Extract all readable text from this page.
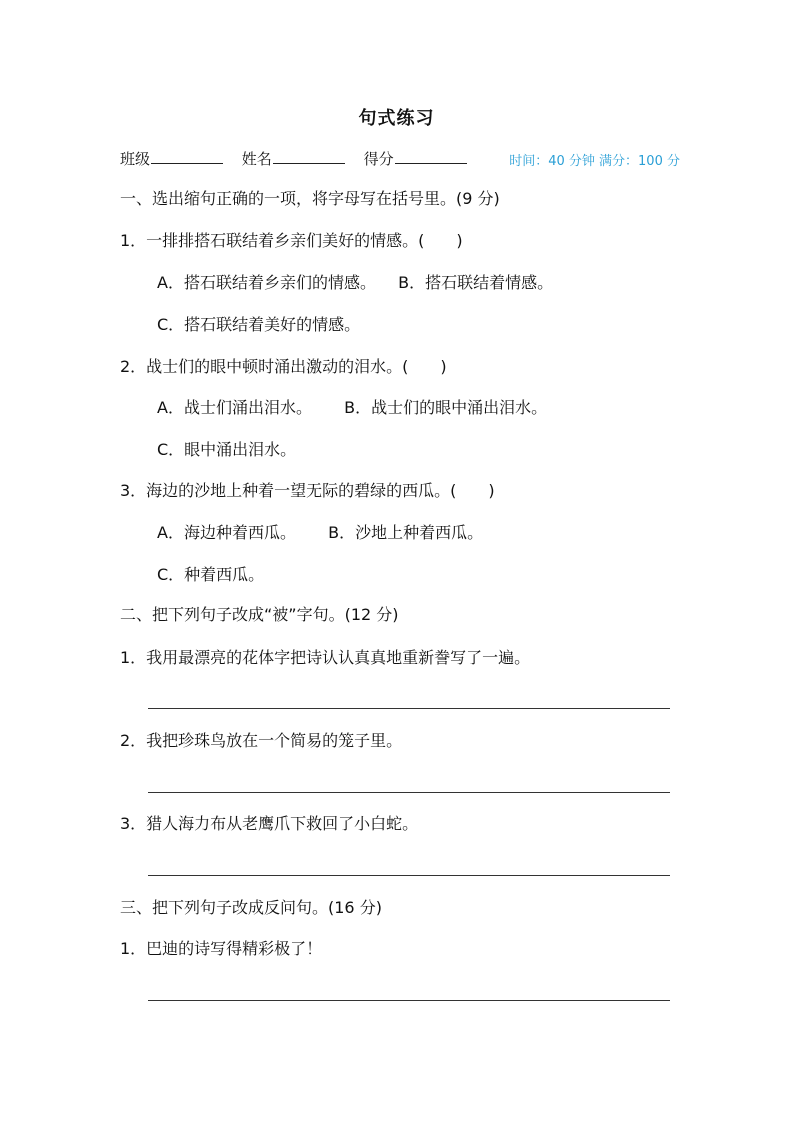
句式练习
班级	姓名	得分	时间：40 分钟 满分：100 分
一、选出缩句正确的一项，将字母写在括号里。(9 分)
1．一排排搭石联结着乡亲们美好的情感。(　　)
A．搭石联结着乡亲们的情感。 B．搭石联结着情感。
C．搭石联结着美好的情感。
2．战士们的眼中顿时涌出激动的泪水。(　　)
A．战士们涌出泪水。 B．战士们的眼中涌出泪水。
C．眼中涌出泪水。
3．海边的沙地上种着一望无际的碧绿的西瓜。(　　)
A．海边种着西瓜。 B．沙地上种着西瓜。
C．种着西瓜。
二、把下列句子改成“被”字句。(12 分)
1．我用最漂亮的花体字把诗认认真真地重新誊写了一遍。
2．我把珍珠鸟放在一个简易的笼子里。
3．猎人海力布从老鹰爪下救回了小白蛇。
三、把下列句子改成反问句。(16 分)
1．巴迪的诗写得精彩极了！
